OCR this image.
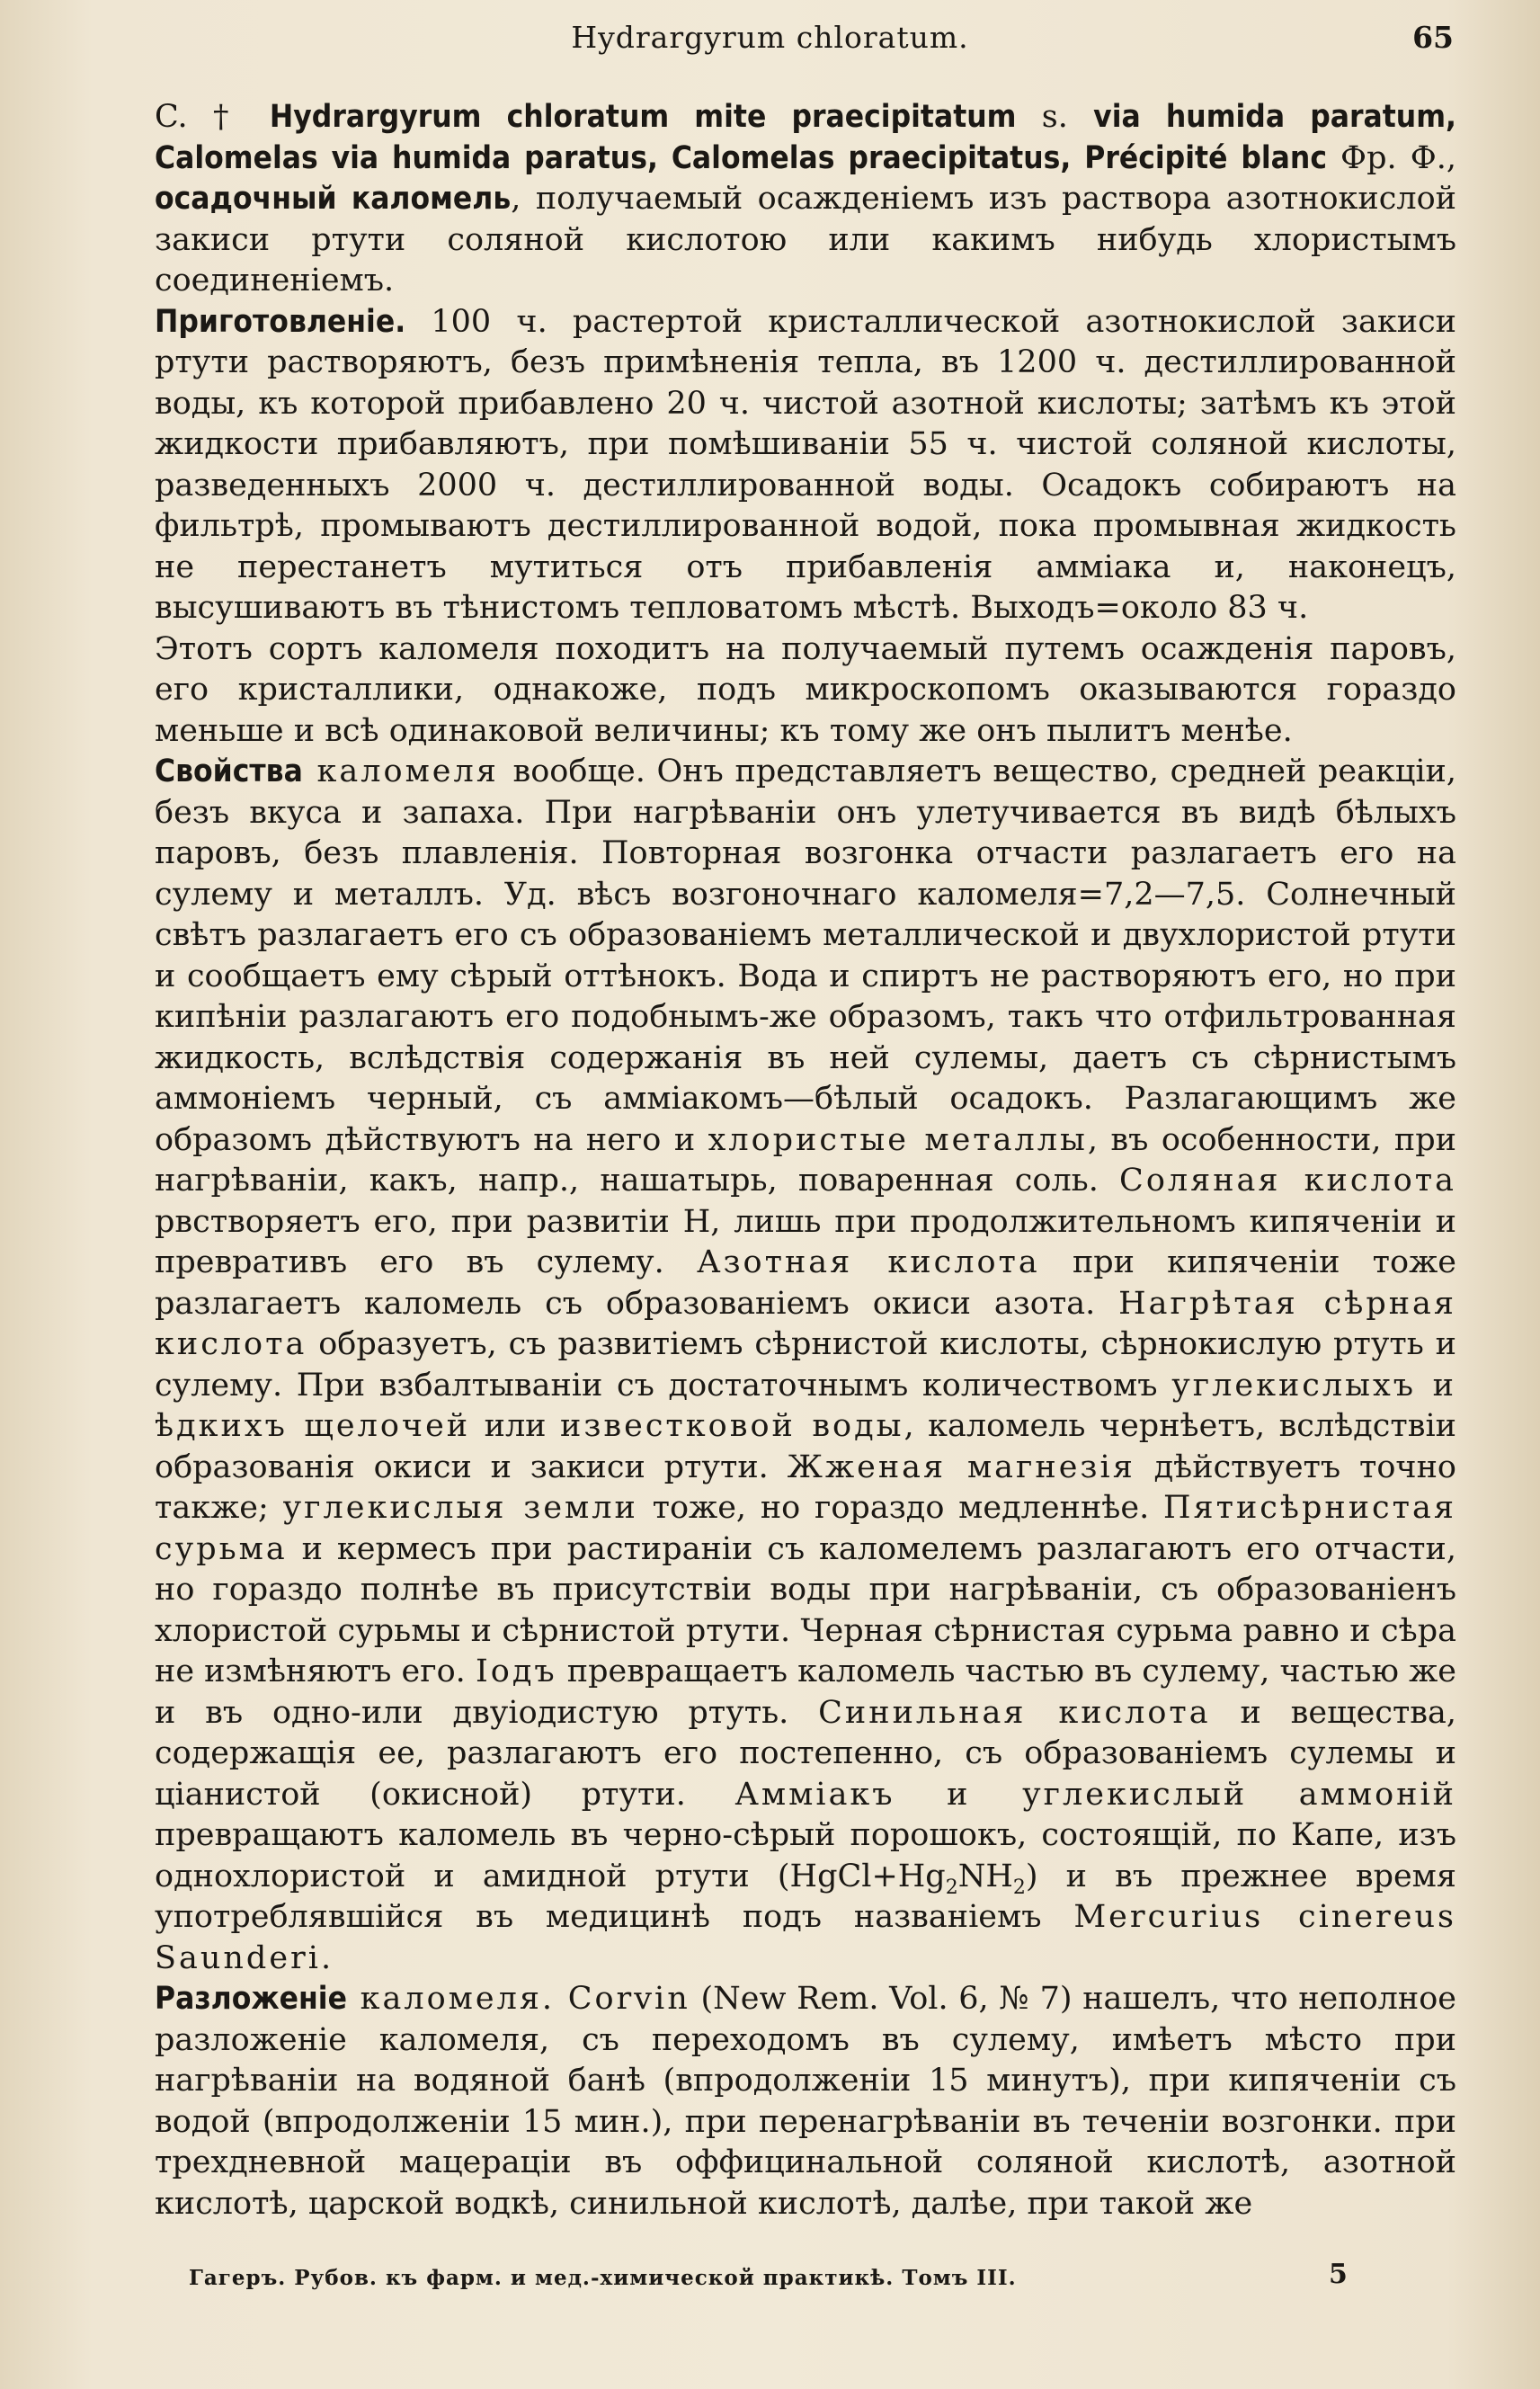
Hydrargyrum chloratum.	65

C. † Hydrargyrum chloratum mite praecipitatum s. via humida paratum, Calomelas via humida paratus, Calomelas praecipitatus, Précipité blanc Фр. Ф., осадочный каломель, получаемый осажденіемъ изъ раствора азотнокислой закиси ртути соляной кислотою или какимъ нибудь хлористымъ соединеніемъ.

Приготовленіе. 100 ч. растертой кристаллической азотнокислой закиси ртути растворяютъ, безъ примѣненія тепла, въ 1200 ч. дестиллированной воды, къ которой прибавлено 20 ч. чистой азотной кислоты; затѣмъ къ этой жидкости прибавляютъ, при помѣшиваніи 55 ч. чистой соляной кислоты, разведенныхъ 2000 ч. дестиллированной воды. Осадокъ собираютъ на фильтрѣ, промываютъ дестиллированной водой, пока промывная жидкость не перестанетъ мутиться отъ прибавленія амміака и, наконецъ, высушиваютъ въ тѣнистомъ тепловатомъ мѣстѣ. Выходъ=около 83 ч.

Этотъ сортъ каломеля походитъ на получаемый путемъ осажденія паровъ, его кристаллики, однакоже, подъ микроскопомъ оказываются гораздо меньше и всѣ одинаковой величины; къ тому же онъ пылитъ менѣе.

Свойства каломеля вообще. Онъ представляетъ вещество, средней реакціи, безъ вкуса и запаха. При нагрѣваніи онъ улетучивается въ видѣ бѣлыхъ паровъ, безъ плавленія. Повторная возгонка отчасти разлагаетъ его на сулему и металлъ. Уд. вѣсъ возгоночнаго каломеля=7,2—7,5. Солнечный свѣтъ разлагаетъ его съ образованіемъ металлической и двухлористой ртути и сообщаетъ ему сѣрый оттѣнокъ. Вода и спиртъ не растворяютъ его, но при кипѣніи разлагаютъ его подобнымъ-же образомъ, такъ что отфильтрованная жидкость, вслѣдствія содержанія въ ней сулемы, даетъ съ сѣрнистымъ аммоніемъ черный, съ амміакомъ—бѣлый осадокъ. Разлагающимъ же образомъ дѣйствуютъ на него и хлористые металлы, въ особенности, при нагрѣваніи, какъ, напр., нашатырь, поваренная соль. Соляная кислота рвстворяетъ его, при развитіи Н, лишь при продолжительномъ кипяченіи и превративъ его въ сулему. Азотная кислота при кипяченіи тоже разлагаетъ каломель съ образованіемъ окиси азота. Нагрѣтая сѣрная кислота образуетъ, съ развитіемъ сѣрнистой кислоты, сѣрнокислую ртуть и сулему. При взбалтываніи съ достаточнымъ количествомъ углекислыхъ и ѣдкихъ щелочей или известковой воды, каломель чернѣетъ, вслѣдствіи образованія окиси и закиси ртути. Жженая магнезія дѣйствуетъ точно также; углекислыя земли тоже, но гораздо медленнѣе. Пятисѣрнистая сурьма и кермесъ при растираніи съ каломелемъ разлагаютъ его отчасти, но гораздо полнѣе въ присутствіи воды при нагрѣваніи, съ образованіенъ хлористой сурьмы и сѣрнистой ртути. Черная сѣрнистая сурьма равно и сѣра не измѣняютъ его. Іодъ превращаетъ каломель частью въ сулему, частью же и въ одно-или двуіодистую ртуть. Синильная кислота и вещества, содержащія ее, разлагаютъ его постепенно, съ образованіемъ сулемы и ціанистой (окисной) ртути. Амміакъ и углекислый аммоній превращаютъ каломель въ черно-сѣрый порошокъ, состоящій, по Капе, изъ однохлористой и амидной ртути $(HgCl+Hg_2NH_2)$ и въ прежнее время употреблявшійся въ медицинѣ подъ названіемъ Mercurius cinereus Saunderi.

Разложеніе каломеля. Corvin (New Rem. Vol. 6, № 7) нашелъ, что неполное разложеніе каломеля, съ переходомъ въ сулему, имѣетъ мѣсто при нагрѣваніи на водяной банѣ (впродолженіи 15 минутъ), при кипяченіи съ водой (впродолженіи 15 мин.), при перенагрѣваніи въ теченіи возгонки. при трехдневной мацераціи въ оффицинальной соляной кислотѣ, азотной кислотѣ, царской водкѣ, синильной кислотѣ, далѣе, при такой же

Гагеръ. Рубов. къ фарм. и мед.-химической практикѣ. Томъ III.	5
